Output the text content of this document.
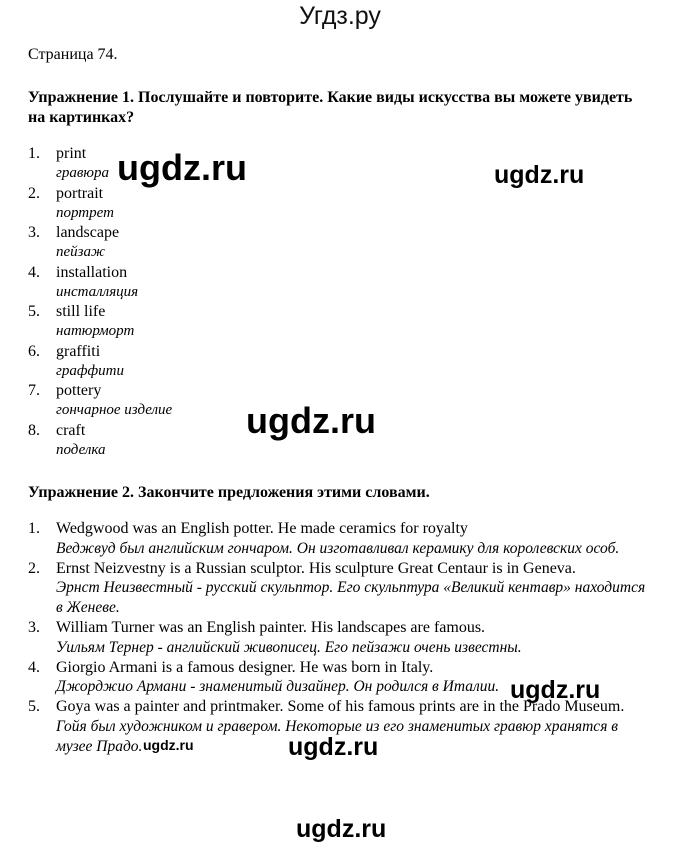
Угдз.ру
Страница 74.
Упражнение 1. Послушайте и повторите. Какие виды искусства вы можете увидеть на картинках?
1. print
гравюра
2. portrait
портрет
3. landscape
пейзаж
4. installation
инсталляция
5. still life
натюрморт
6. graffiti
граффити
7. pottery
гончарное изделие
8. craft
поделка
Упражнение 2. Закончите предложения этими словами.
1. Wedgwood was an English potter. He made ceramics for royalty
Веджвуд был английским гончаром. Он изготавливал керамику для королевских особ.
2. Ernst Neizvestny is a Russian sculptor. His sculpture Great Centaur is in Geneva.
Эрнст Неизвестный - русский скульптор. Его скульптура «Великий кентавр» находится в Женеве.
3. William Turner was an English painter. His landscapes are famous.
Уильям Тернер - английский живописец. Его пейзажи очень известны.
4. Giorgio Armani is a famous designer. He was born in Italy.
Джорджио Армани - знаменитый дизайнер. Он родился в Италии.
5. Goya was a painter and printmaker. Some of his famous prints are in the Prado Museum.
Гойя был художником и гравером. Некоторые из его знаменитых гравюр хранятся в музее Прадо.
ugdz.ru	ugdz.ru
ugdz.ru
ugdz.ru
ugdz.ru	ugdz.ru
ugdz.ru
